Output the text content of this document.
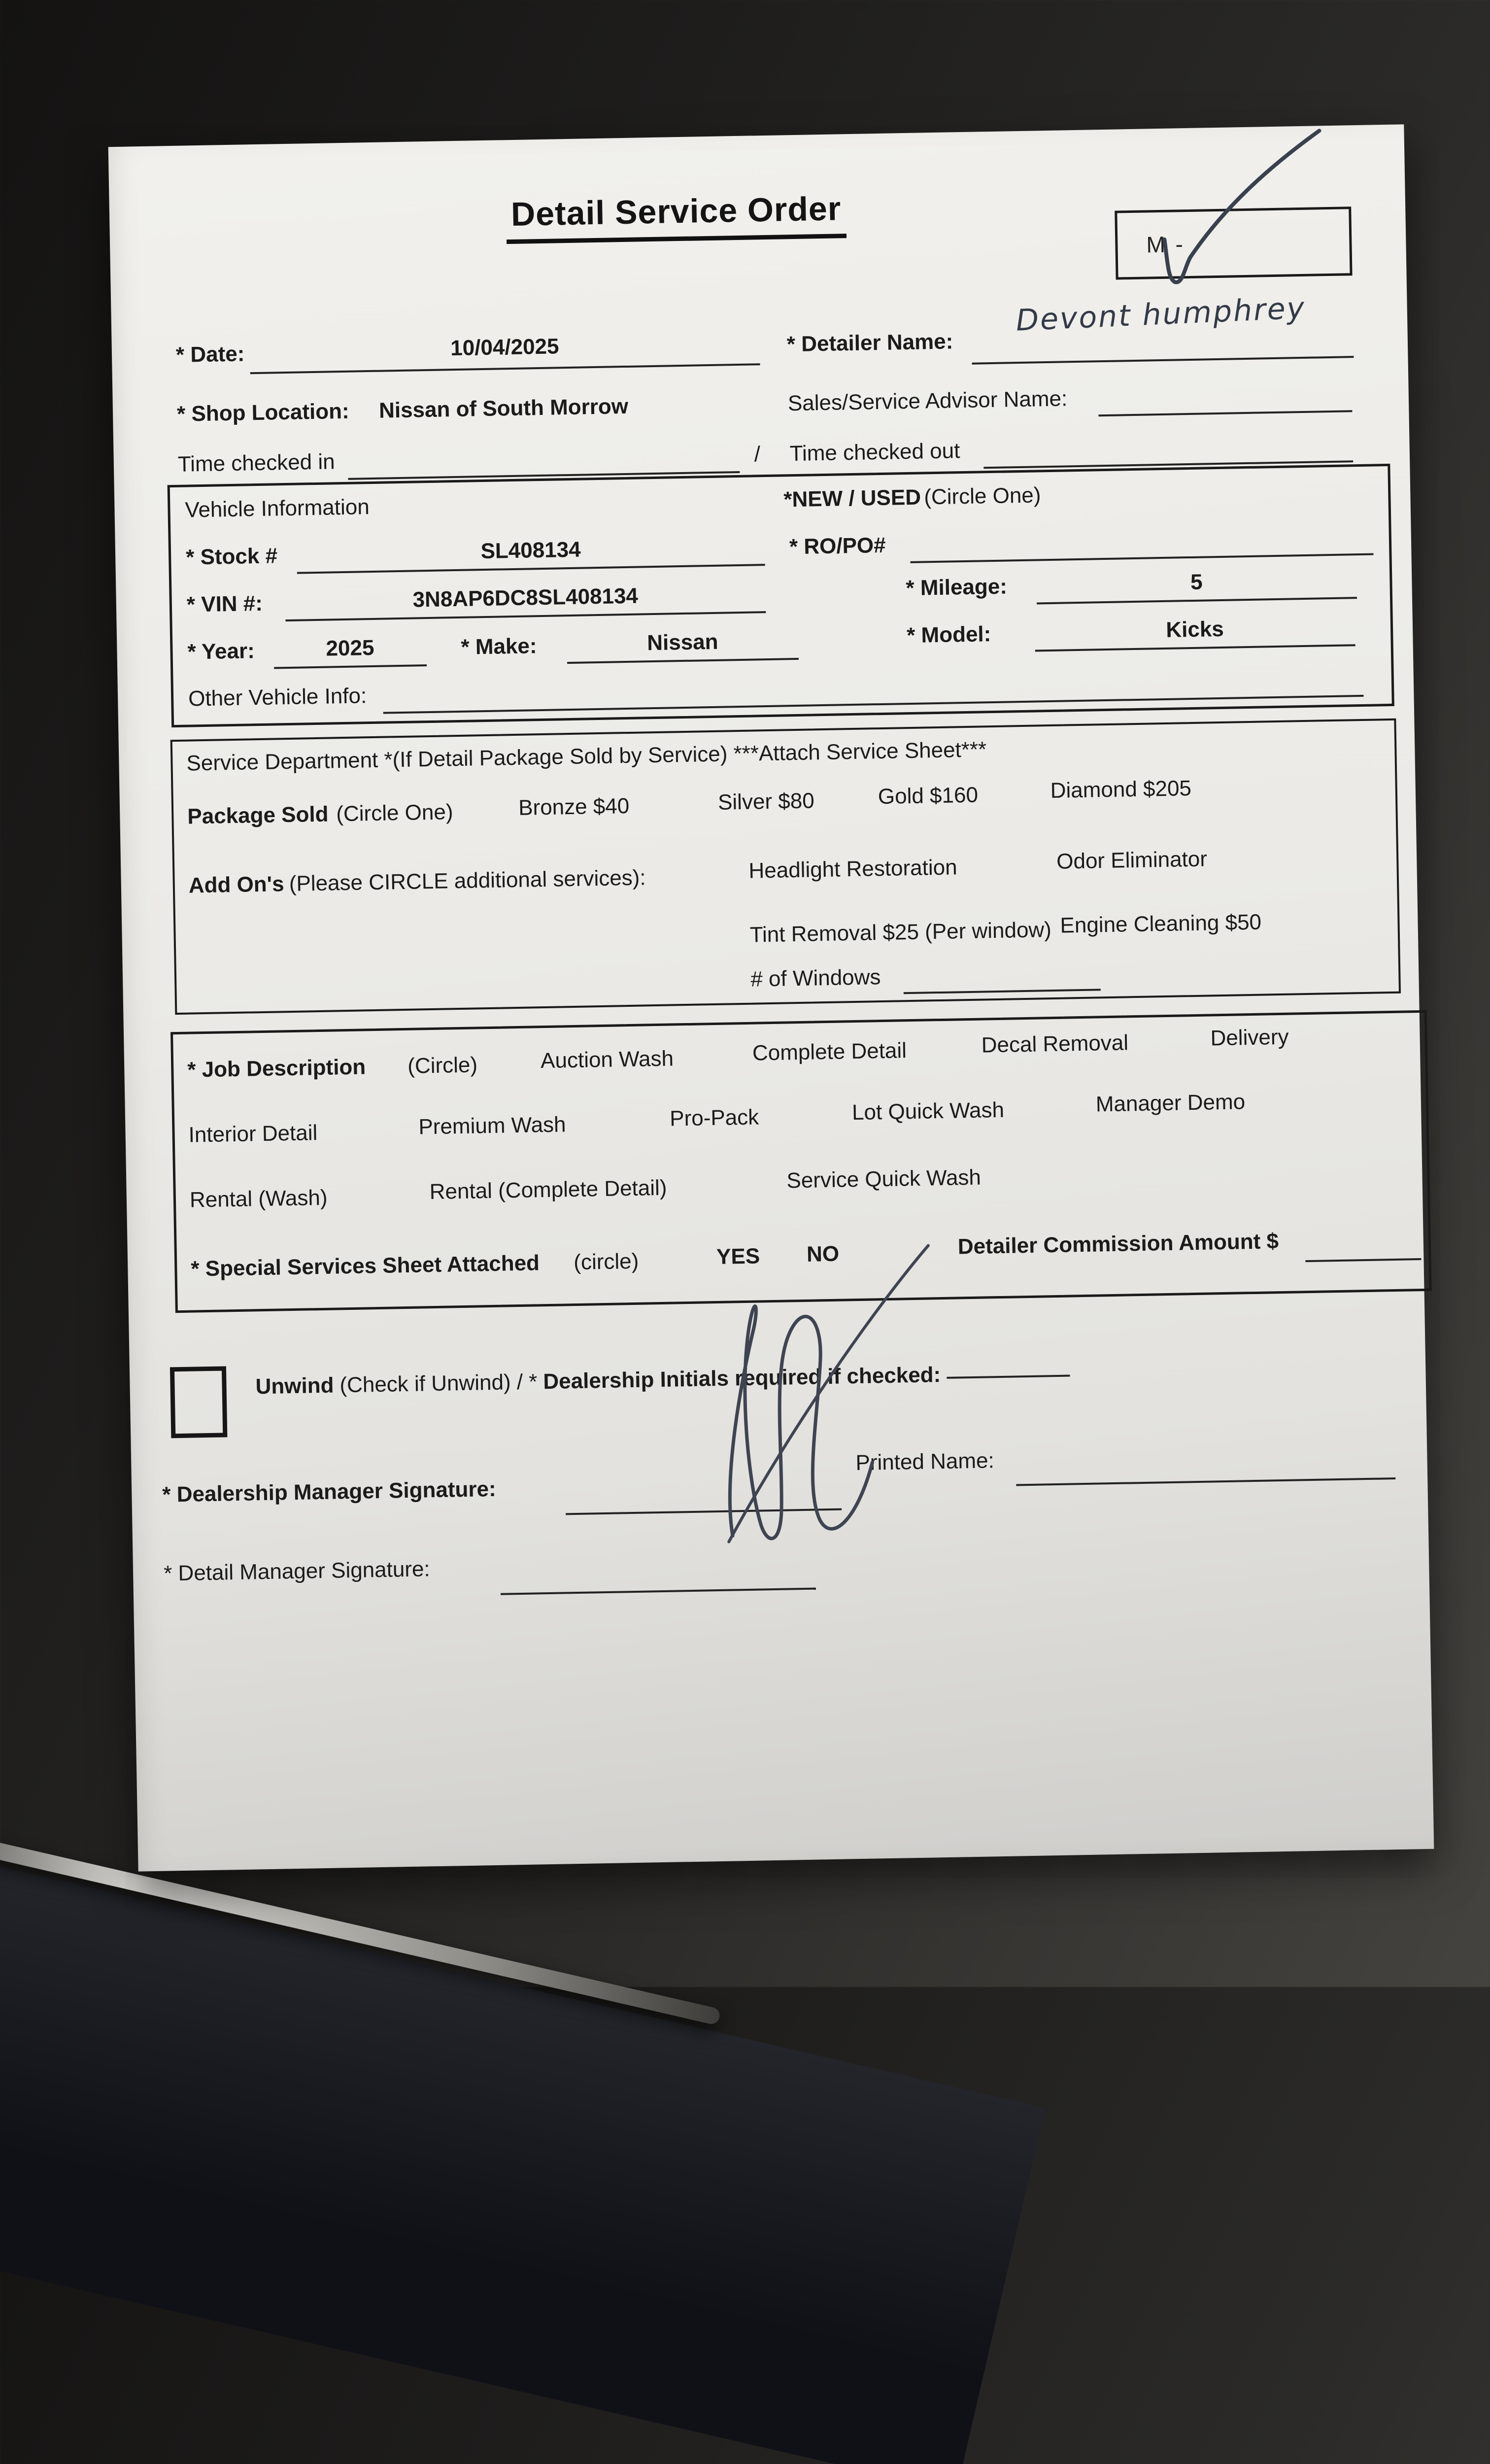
Detail Service Order
M -
* Date:	10/04/2025	* Detailer Name:
Devont humphrey
* Shop Location: Nissan of South Morrow	Sales/Service Advisor Name:
Time checked in	/ Time checked out
Vehicle Information	*NEW / USED (Circle One)
* Stock #	SL408134	* RO/PO#
* VIN #:	3N8AP6DC8SL408134	* Mileage:	5
* Year:	2025	* Make:	Nissan	* Model:	Kicks
Other Vehicle Info:
Service Department *(If Detail Package Sold by Service) ***Attach Service Sheet***
Package Sold (Circle One)	Bronze $40	Silver $80	Gold $160	Diamond $205
Add On's (Please CIRCLE additional services):	Headlight Restoration	Odor Eliminator
Tint Removal $25 (Per window) Engine Cleaning $50
# of Windows
* Job Description (Circle)	Auction Wash	Complete Detail	Decal Removal	Delivery
Interior Detail	Premium Wash	Pro-Pack	Lot Quick Wash	Manager Demo
Rental (Wash)	Rental (Complete Detail)	Service Quick Wash
* Special Services Sheet Attached (circle)	YES NO	Detailer Commission Amount $
Unwind (Check if Unwind) / * Dealership Initials required if checked:
* Dealership Manager Signature:
Printed Name:
* Detail Manager Signature:
